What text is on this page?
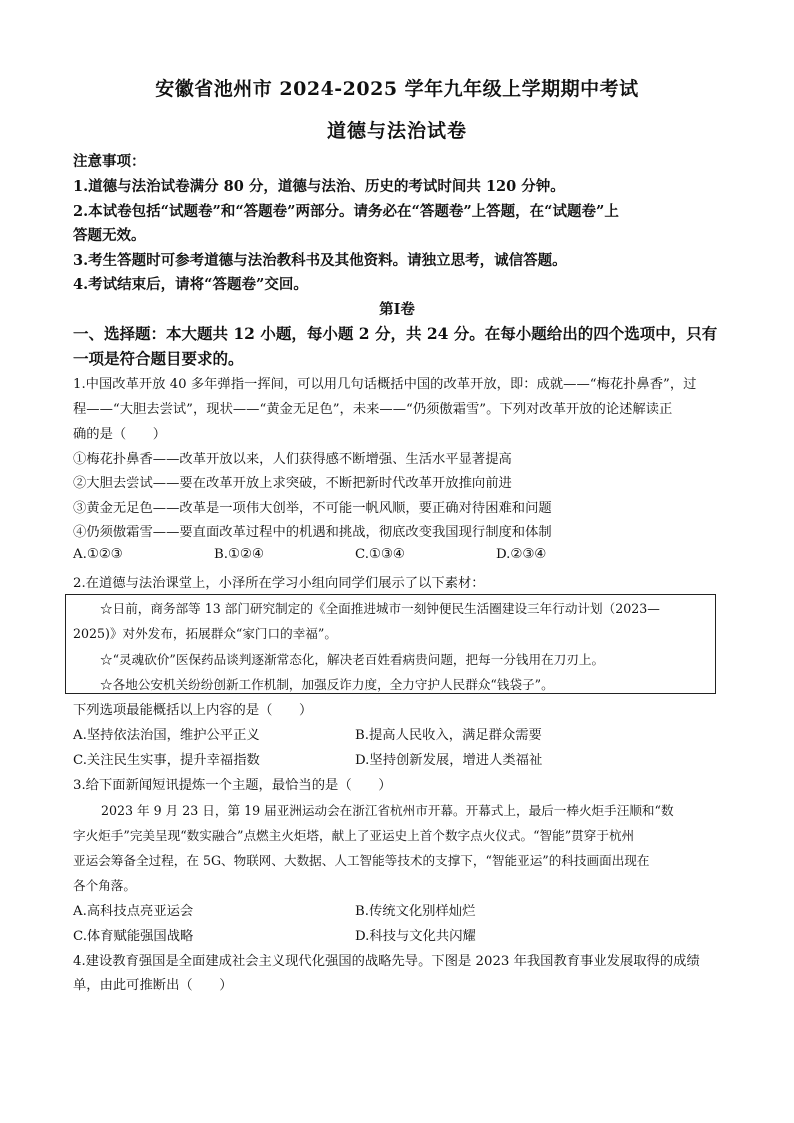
安徽省池州市 2024-2025 学年九年级上学期期中考试
道德与法治试卷
注意事项：
1.道德与法治试卷满分 80 分，道德与法治、历史的考试时间共 120 分钟。
2.本试卷包括“试题卷”和“答题卷”两部分。请务必在“答题卷”上答题，在“试题卷”上
答题无效。
3.考生答题时可参考道德与法治教科书及其他资料。请独立思考，诚信答题。
4.考试结束后，请将“答题卷”交回。
第Ⅰ卷
一、选择题：本大题共 12 小题，每小题 2 分，共 24 分。在每小题给出的四个选项中，只有
一项是符合题目要求的。
1.中国改革开放 40 多年弹指一挥间，可以用几句话概括中国的改革开放，即：成就——“梅花扑鼻香”，过
程——“大胆去尝试”，现状——“黄金无足色”，未来——“仍须傲霜雪”。下列对改革开放的论述解读正
确的是（　　）
①梅花扑鼻香——改革开放以来，人们获得感不断增强、生活水平显著提高
②大胆去尝试——要在改革开放上求突破，不断把新时代改革开放推向前进
③黄金无足色——改革是一项伟大创举，不可能一帆风顺，要正确对待困难和问题
④仍须傲霜雪——要直面改革过程中的机遇和挑战，彻底改变我国现行制度和体制
A.①②③	B.①②④	C.①③④	D.②③④
2.在道德与法治课堂上，小泽所在学习小组向同学们展示了以下素材：
☆日前，商务部等 13 部门研究制定的《全面推进城市一刻钟便民生活圈建设三年行动计划（2023—
2025)》对外发布，拓展群众“家门口的幸福”。
☆“灵魂砍价”医保药品谈判逐渐常态化，解决老百姓看病贵问题，把每一分钱用在刀刃上。
☆各地公安机关纷纷创新工作机制，加强反诈力度，全力守护人民群众“钱袋子”。
下列选项最能概括以上内容的是（　　）
A.坚持依法治国，维护公平正义	B.提高人民收入，满足群众需要
C.关注民生实事，提升幸福指数	D.坚持创新发展，增进人类福祉
3.给下面新闻短讯提炼一个主题，最恰当的是（　　）
2023 年 9 月 23 日，第 19 届亚洲运动会在浙江省杭州市开幕。开幕式上，最后一棒火炬手汪顺和“数
字火炬手”完美呈现“数实融合”点燃主火炬塔，献上了亚运史上首个数字点火仪式。“智能”贯穿于杭州
亚运会筹备全过程，在 5G、物联网、大数据、人工智能等技术的支撑下，“智能亚运”的科技画面出现在
各个角落。
A.高科技点亮亚运会	B.传统文化别样灿烂
C.体育赋能强国战略	D.科技与文化共闪耀
4.建设教育强国是全面建成社会主义现代化强国的战略先导。下图是 2023 年我国教育事业发展取得的成绩
单，由此可推断出（　　）
